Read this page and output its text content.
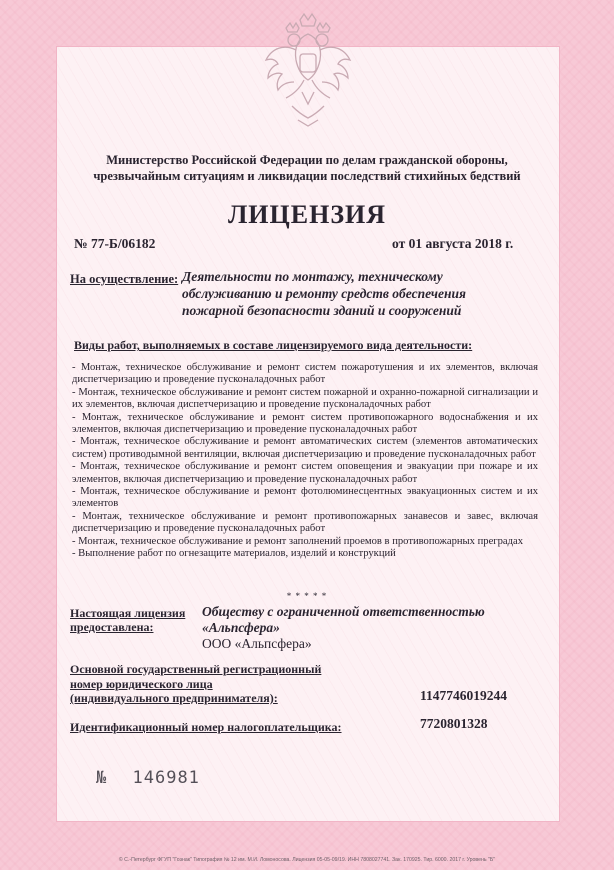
Министерство Российской Федерации по делам гражданской обороны,
чрезвычайным ситуациям и ликвидации последствий стихийных бедствий
ЛИЦЕНЗИЯ
№ 77-Б/06182	от 01 августа 2018 г.
На осуществление: Деятельности по монтажу, техническому обслуживанию и ремонту средств обеспечения пожарной безопасности зданий и сооружений
Виды работ, выполняемых в составе лицензируемого вида деятельности:
- Монтаж, техническое обслуживание и ремонт систем пожаротушения и их элементов, включая диспетчеризацию и проведение пусконаладочных работ
- Монтаж, техническое обслуживание и ремонт систем пожарной и охранно-пожарной сигнализации и их элементов, включая диспетчеризацию и проведение пусконаладочных работ
- Монтаж, техническое обслуживание и ремонт систем противопожарного водоснабжения и их элементов, включая диспетчеризацию и проведение пусконаладочных работ
- Монтаж, техническое обслуживание и ремонт автоматических систем (элементов автоматических систем) противодымной вентиляции, включая диспетчеризацию и проведение пусконаладочных работ
- Монтаж, техническое обслуживание и ремонт систем оповещения и эвакуации при пожаре и их элементов, включая диспетчеризацию и проведение пусконаладочных работ
- Монтаж, техническое обслуживание и ремонт фотолюминесцентных эвакуационных систем и их элементов
- Монтаж, техническое обслуживание и ремонт противопожарных занавесов и завес, включая диспетчеризацию и проведение пусконаладочных работ
- Монтаж, техническое обслуживание и ремонт заполнений проемов в противопожарных преградах
- Выполнение работ по огнезащите материалов, изделий и конструкций
* * * * *
Настоящая лицензия предоставлена:
Обществу с ограниченной ответственностью «Альпсфера»
ООО «Альпсфера»
Основной государственный регистрационный
номер юридического лица
(индивидуального предпринимателя):	1147746019244
Идентификационный номер налогоплательщика:	7720801328
№ 146981
© С.-Петербург ФГУП "Гознак" Типография № 12 им. М.И. Ломоносова. Лицензия 05-05-09/19. ИНН 7808027741. Зак. 170925. Тир. 6000. 2017 г. Уровень "Б"
